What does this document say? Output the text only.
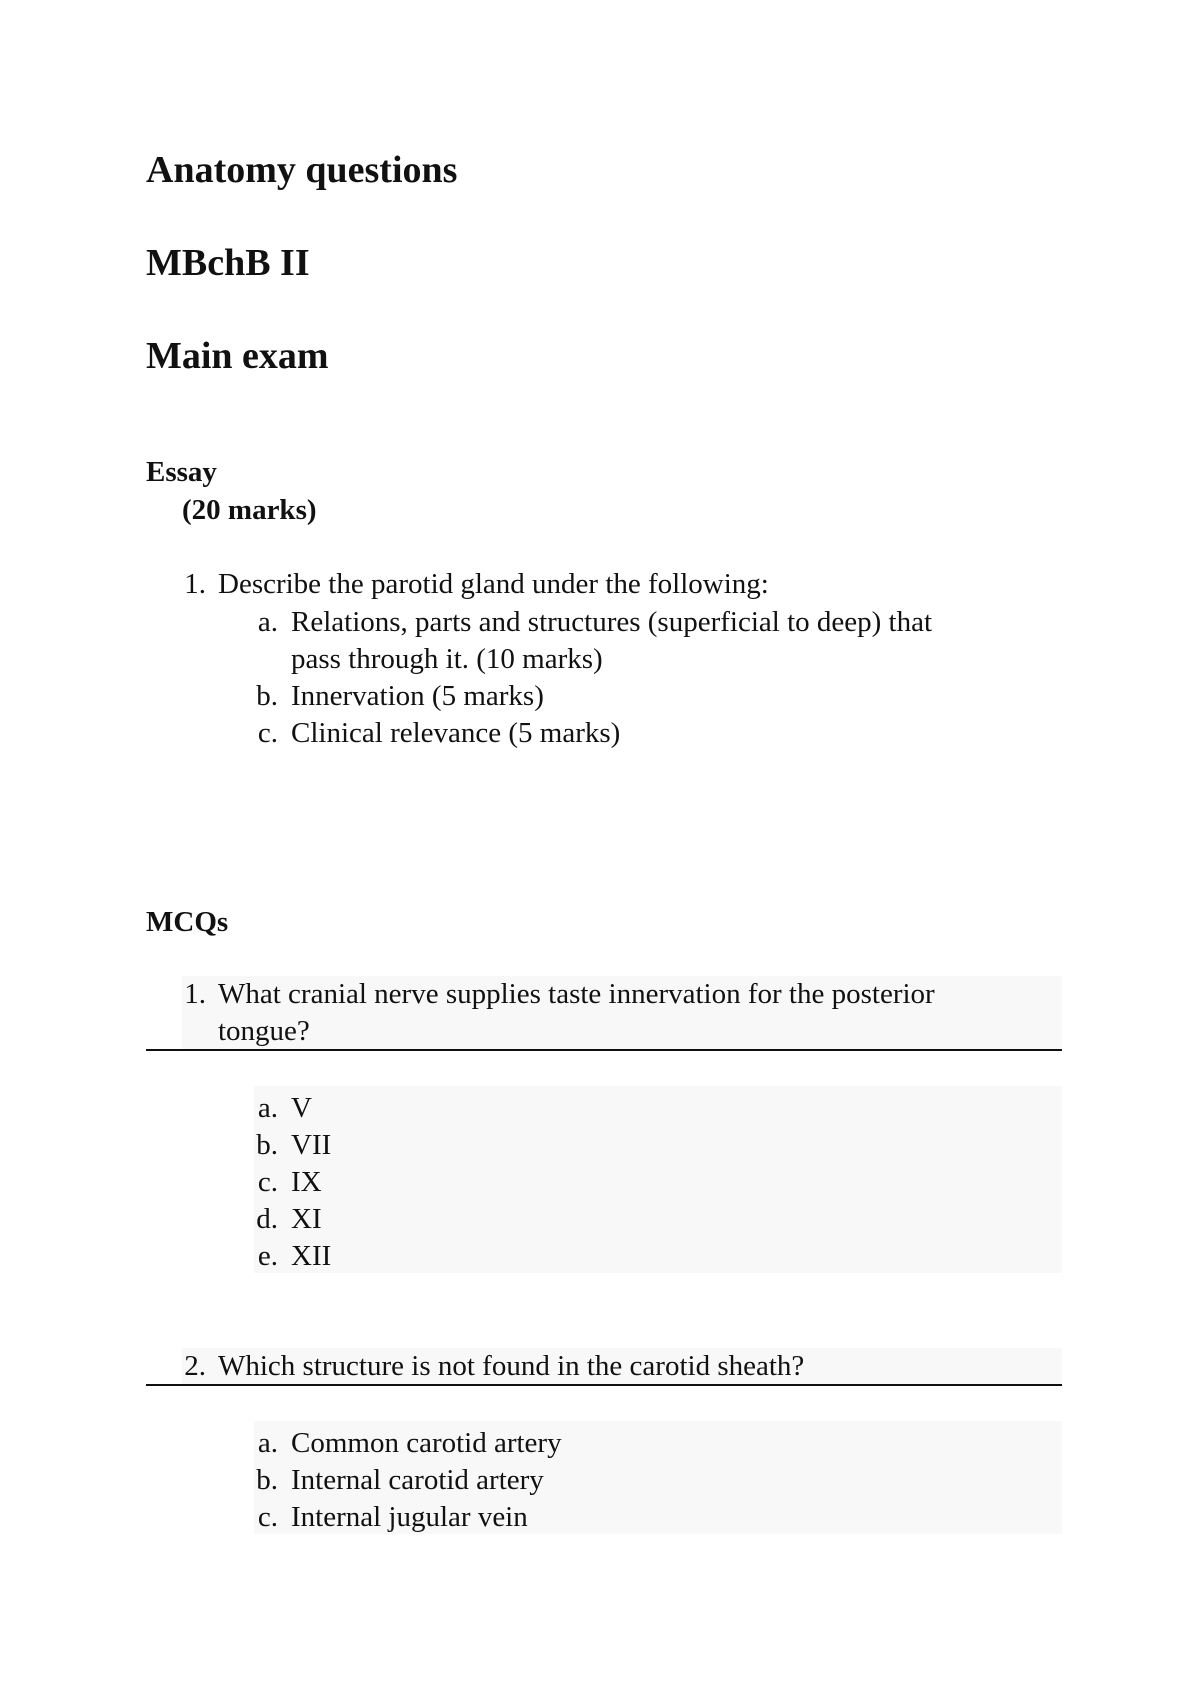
Anatomy questions
MBchB II
Main exam
Essay
(20 marks)
1. Describe the parotid gland under the following:
a. Relations, parts and structures (superficial to deep) that
pass through it. (10 marks)
b. Innervation (5 marks)
c. Clinical relevance (5 marks)
MCQs
1. What cranial nerve supplies taste innervation for the posterior
tongue?
a. V
b. VII
c. IX
d. XI
e. XII
2. Which structure is not found in the carotid sheath?
a. Common carotid artery
b. Internal carotid artery
c. Internal jugular vein
